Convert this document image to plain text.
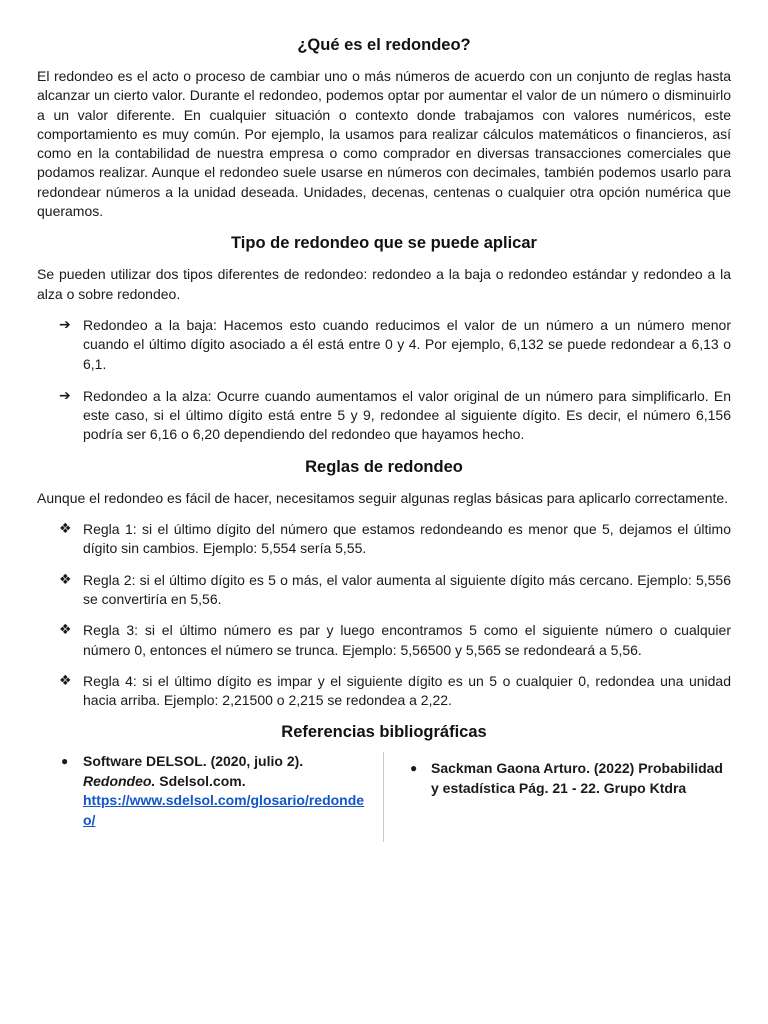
¿Qué es el redondeo?

El redondeo es el acto o proceso de cambiar uno o más números de acuerdo con un conjunto de reglas hasta alcanzar un cierto valor. Durante el redondeo, podemos optar por aumentar el valor de un número o disminuirlo a un valor diferente. En cualquier situación o contexto donde trabajamos con valores numéricos, este comportamiento es muy común. Por ejemplo, la usamos para realizar cálculos matemáticos o financieros, así como en la contabilidad de nuestra empresa o como comprador en diversas transacciones comerciales que podamos realizar. Aunque el redondeo suele usarse en números con decimales, también podemos usarlo para redondear números a la unidad deseada. Unidades, decenas, centenas o cualquier otra opción numérica que queramos.

Tipo de redondeo que se puede aplicar

Se pueden utilizar dos tipos diferentes de redondeo: redondeo a la baja o redondeo estándar y redondeo a la alza o sobre redondeo.

➔ Redondeo a la baja: Hacemos esto cuando reducimos el valor de un número a un número menor cuando el último dígito asociado a él está entre 0 y 4. Por ejemplo, 6,132 se puede redondear a 6,13 o 6,1.
➔ Redondeo a la alza: Ocurre cuando aumentamos el valor original de un número para simplificarlo. En este caso, si el último dígito está entre 5 y 9, redondee al siguiente dígito. Es decir, el número 6,156 podría ser 6,16 o 6,20 dependiendo del redondeo que hayamos hecho.
Reglas de redondeo

Aunque el redondeo es fácil de hacer, necesitamos seguir algunas reglas básicas para aplicarlo correctamente.

❖ Regla 1: si el último dígito del número que estamos redondeando es menor que 5, dejamos el último dígito sin cambios. Ejemplo: 5,554 sería 5,55.
❖ Regla 2: si el último dígito es 5 o más, el valor aumenta al siguiente dígito más cercano. Ejemplo: 5,556 se convertiría en 5,56.
❖ Regla 3: si el último número es par y luego encontramos 5 como el siguiente número o cualquier número 0, entonces el número se trunca. Ejemplo: 5,56500 y 5,565 se redondeará a 5,56.
❖ Regla 4: si el último dígito es impar y el siguiente dígito es un 5 o cualquier 0, redondea una unidad hacia arriba. Ejemplo: 2,21500 o 2,215 se redondea a 2,22.
Referencias bibliográficas
● Software DELSOL. (2020, julio 2).
Redondeo. Sdelsol.com.
https://www.sdelsol.com/glosario/redondeo/
● Sackman Gaona Arturo. (2022) Probabilidad y estadística Pág. 21 - 22. Grupo Ktdra
